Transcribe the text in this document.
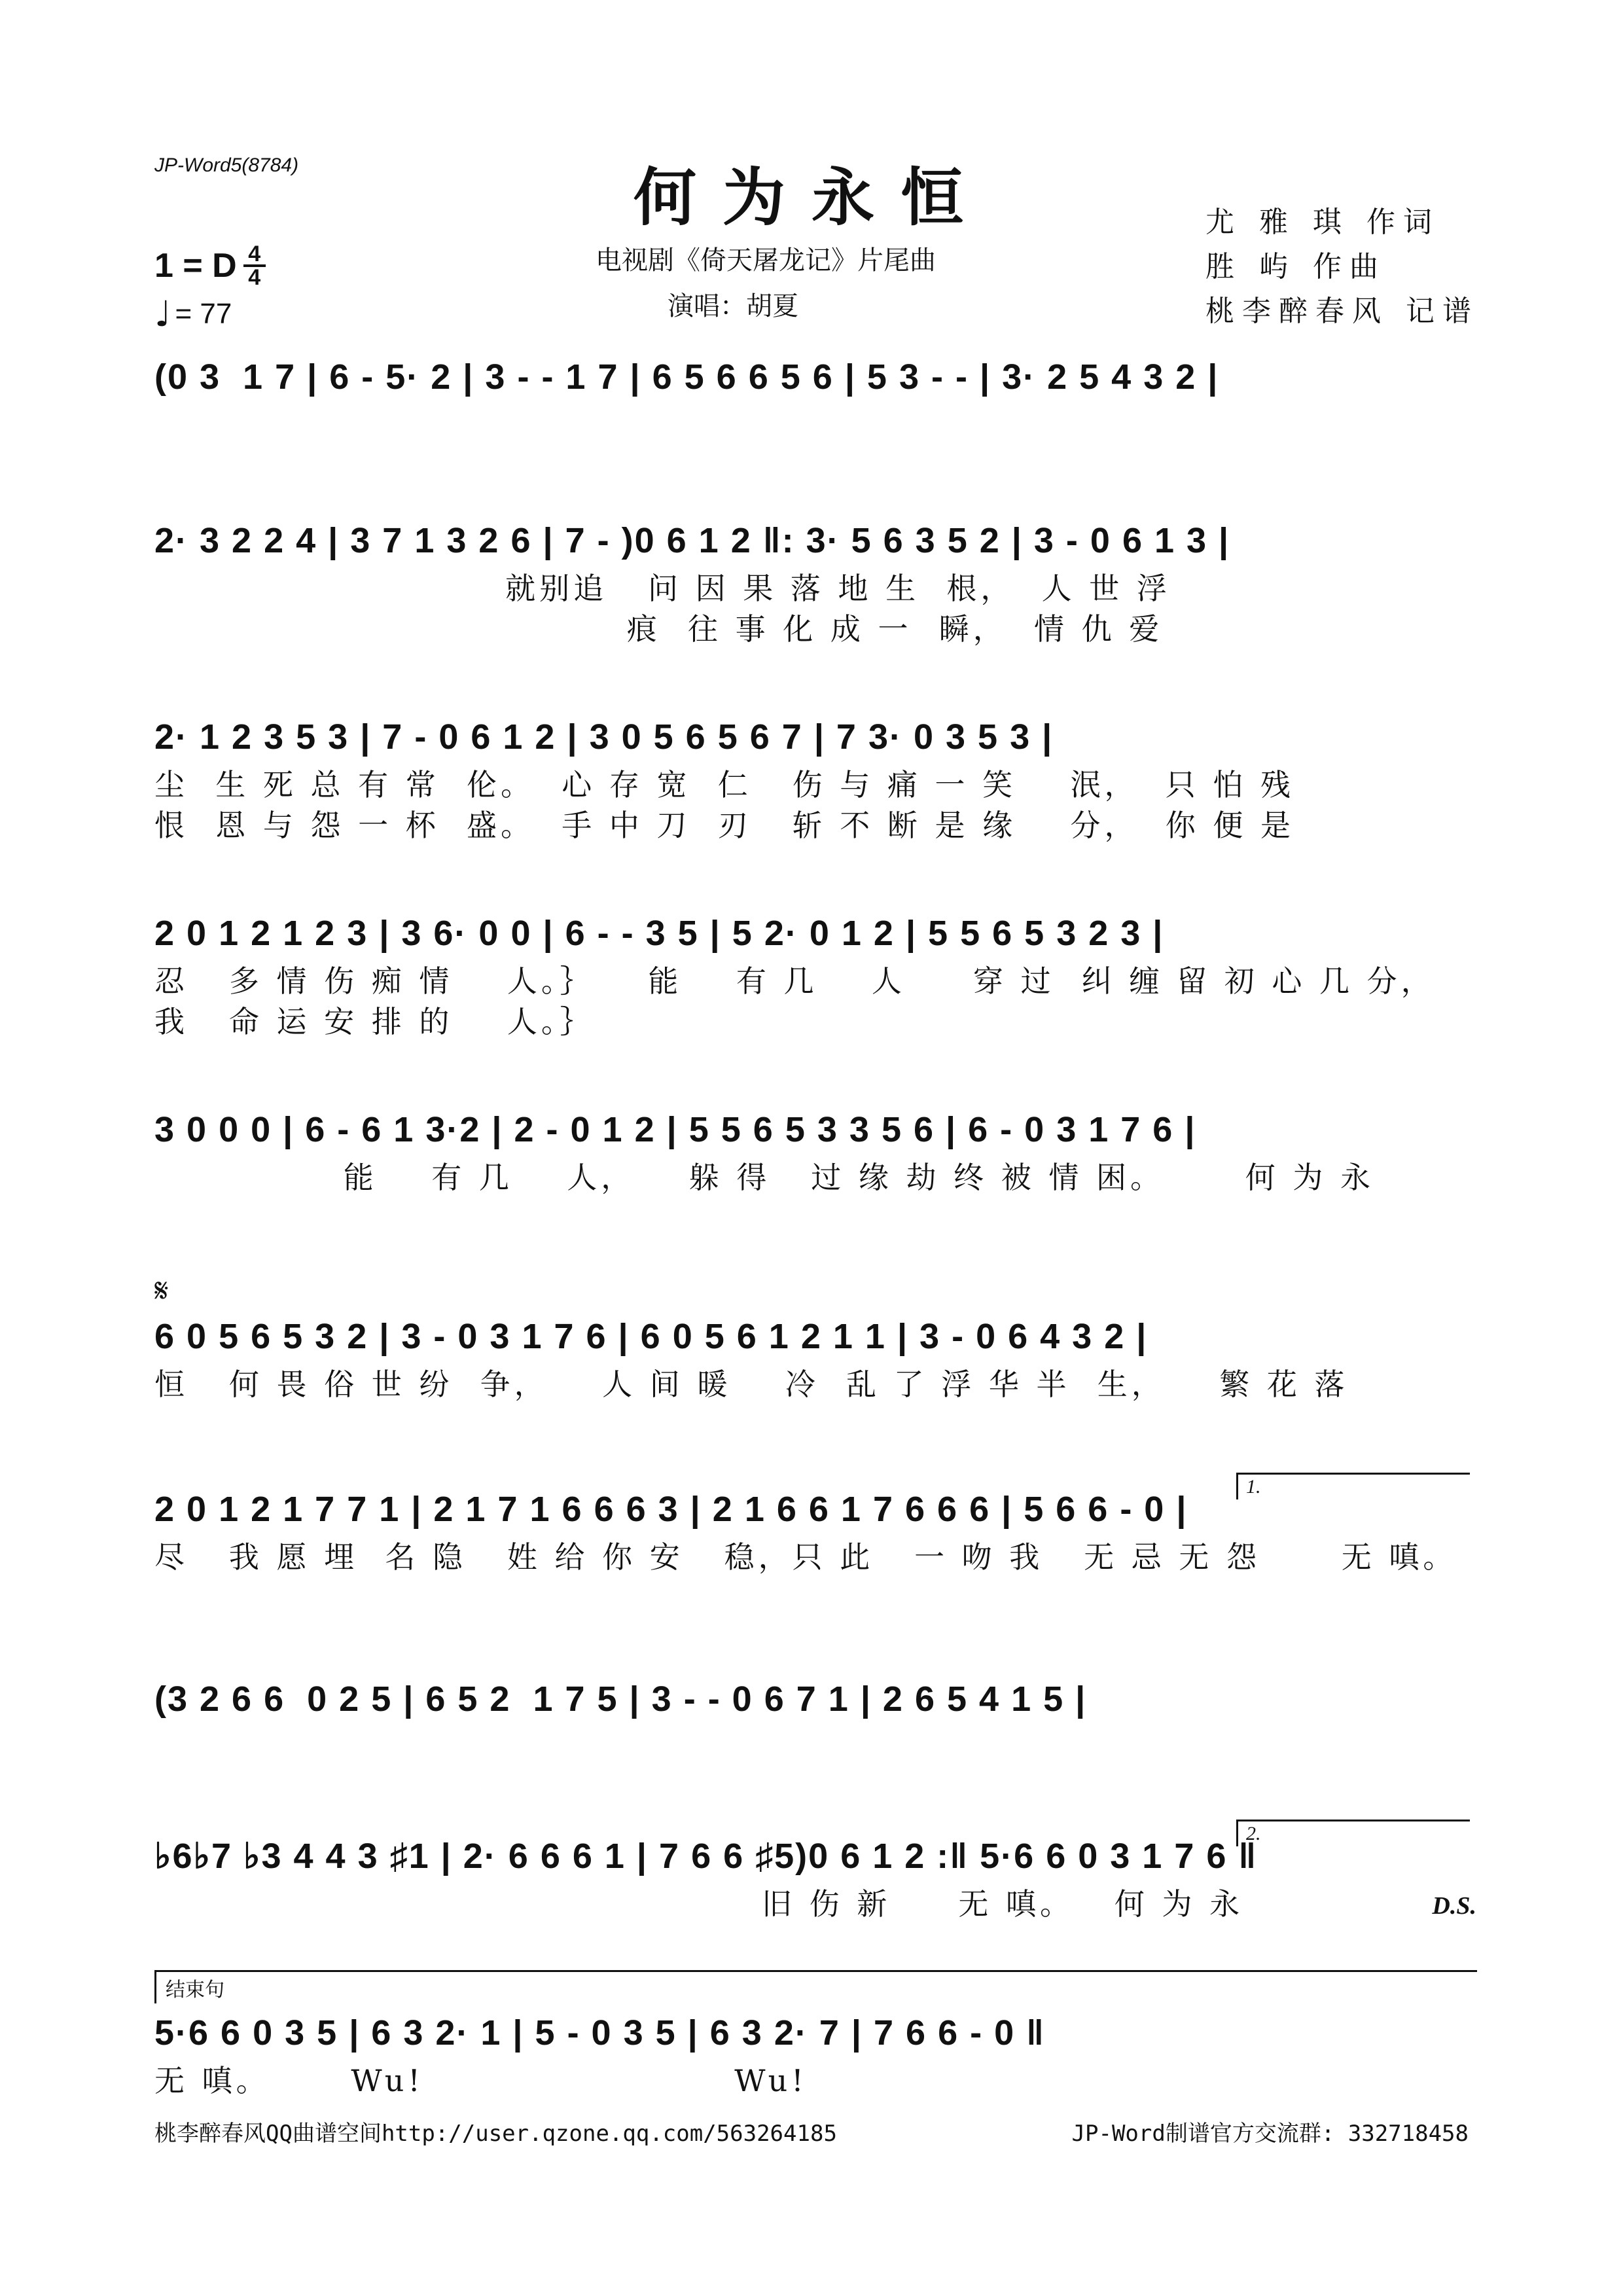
JP-Word5(8784)	何为永恒
电视剧《倚天屠龙记》片尾曲
演唱：胡夏
尤 雅 琪 作词
胜 屿 作曲
桃李醉春风 记谱
1 = D 4
4
♩ = 77
(0 3  1 7 | 6 - 5· 2 | 3 - - 1 7 | 6 5 6 6 5 6 | 5 3 - - | 3· 2 5 4 3 2 |
2· 3 2 2 4 | 3 7 1 3 2 6 | 7 - )0 6 1 2 ‖: 3· 5 6 3 5 2 | 3 - 0 6 1 3 |
就别追   问 因 果 落 地 生  根，  人 世 浮
痕  往 事 化 成 一  瞬，  情 仇 爱
2· 1 2 3 5 3 | 7 - 0 6 1 2 | 3 0 5 6 5 6 7 | 7 3· 0 3 5 3 |
尘  生 死 总 有 常  伦。  心 存 宽  仁   伤 与 痛 一 笑    泯，  只 怕 残
恨  恩 与 怨 一 杯  盛。  手 中 刀  刃   斩 不 断 是 缘    分，  你 便 是
2 0 1 2 1 2 3 | 3 6· 0 0 | 6 - - 3 5 | 5 2· 0 1 2 | 5 5 6 5 3 2 3 |
忍   多 情 伤 痴 情    人。｝    能    有 几    人     穿 过  纠 缠 留 初 心 几 分，
我   命 运 安 排 的    人。｝
3 0 0 0 | 6 - 6 1 3·2 | 2 - 0 1 2 | 5 5 6 5 3 3 5 6 | 6 - 0 3 1 7 6 |
能    有 几    人，    躲 得   过 缘 劫 终 被 情 困。      何 为 永
𝄋
6 0 5 6 5 3 2 | 3 - 0 3 1 7 6 | 6 0 5 6 1 2 1 1 | 3 - 0 6 4 3 2 |
恒   何 畏 俗 世 纷  争，    人 间 暖    冷  乱 了 浮 华 半  生，    繁 花 落
1.
2 0 1 2 1 7 7 1 | 2 1 7 1 6 6 6 3 | 2 1 6 6 1 7 6 6 6 | 5 6 6 - 0 |
尽   我 愿 埋  名 隐   姓 给 你 安   稳，只 此   一 吻 我   无 忌 无 怨      无 嗔。
(3 2 6 6  0 2 5 | 6 5 2  1 7 5 | 3 - - 0 6 7 1 | 2 6 5 4 1 5 |
2.
♭6♭7 ♭3 4 4 3 ♯1 | 2· 6 6 6 1 | 7 6 6 ♯5)0 6 1 2 :‖ 5·6 6 0 3 1 7 6 ‖
旧 伤 新     无 嗔。   何 为 永	D.S.
结束句
5·6 6 0 3 5 | 6 3 2· 1 | 5 - 0 3 5 | 6 3 2· 7 | 7 6 6 - 0 ‖
无 嗔。      Wu!                       Wu!
桃李醉春风QQ曲谱空间http://user.qzone.qq.com/563264185	JP-Word制谱官方交流群: 332718458
